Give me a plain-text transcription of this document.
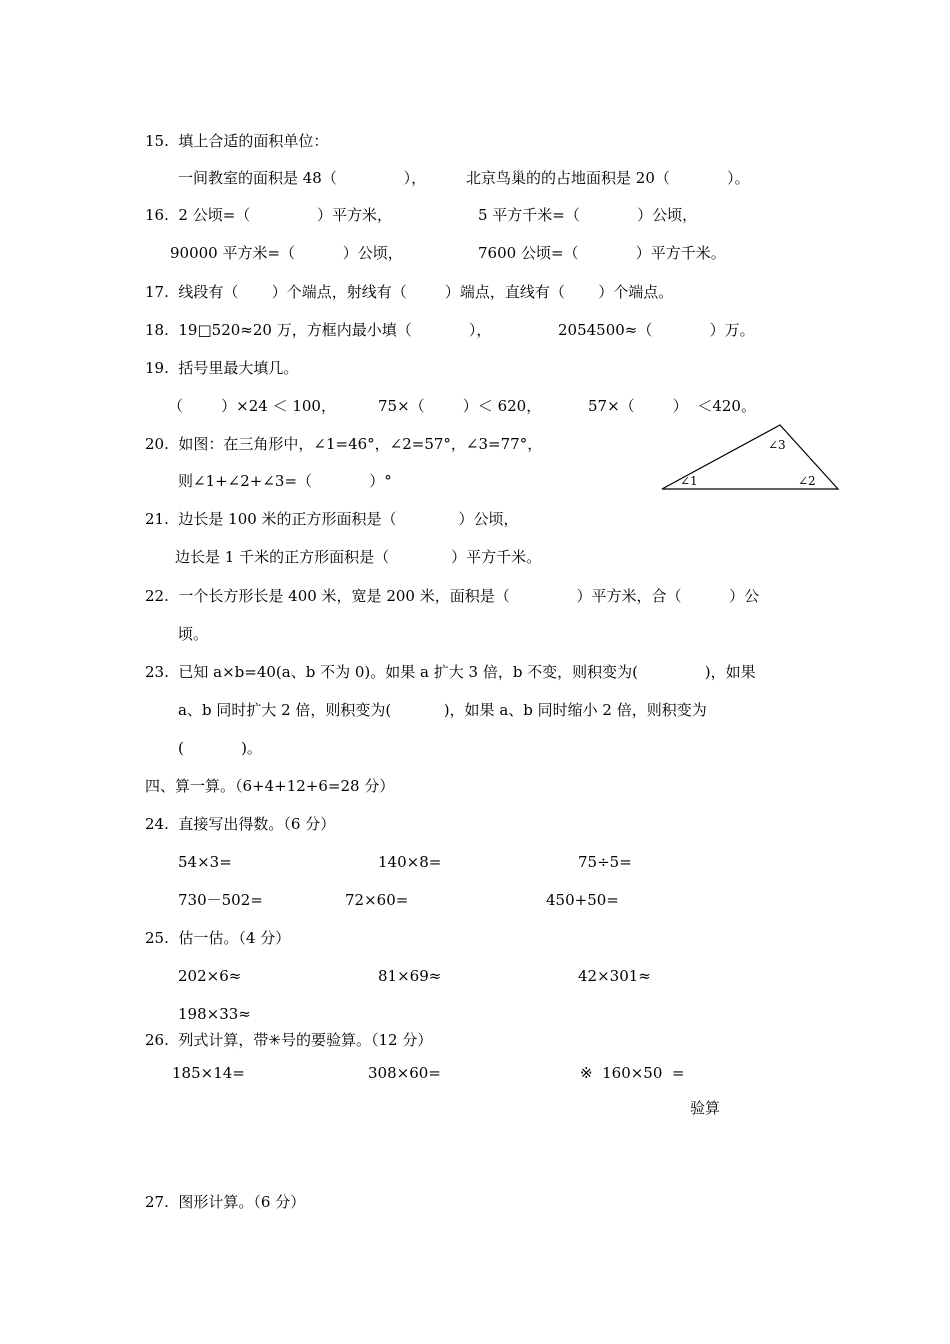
15.  填上合适的面积单位：
一间教室的面积是 48（              ），	北京鸟巢的的占地面积是 20（            ）。
16.  2 公顷=（              ）平方米，	5 平方千米=（            ）公顷，
90000 平方米=（          ）公顷，	7600 公顷=（            ）平方千米。
17.  线段有（       ）个端点，射线有（        ）端点，直线有（       ）个端点。
18.  19□520≈20 万，方框内最小填（            ），	2054500≈（            ）万。
19.  括号里最大填几。
（        ）×24 ＜ 100，	75×（        ）＜ 620，	57×（        ）  ＜420。
20.  如图：在三角形中，∠1=46°，∠2=57°，∠3=77°，
则∠1+∠2+∠3=（            ）°	∠1	∠2
∠3
21.  边长是 100 米的正方形面积是（             ）公顷，
边长是 1 千米的正方形面积是（             ）平方千米。
22.  一个长方形长是 400 米，宽是 200 米，面积是（              ）平方米，合（          ）公
顷。
23.  已知 a×b=40(a、b 不为 0)。如果 a 扩大 3 倍，b 不变，则积变为(              )，如果
a、b 同时扩大 2 倍，则积变为(           )，如果 a、b 同时缩小 2 倍，则积变为
(            )。
四、算一算。（6+4+12+6=28 分）
24.  直接写出得数。（6 分）
54×3=	140×8=	75÷5=
730－502=	72×60=	450+50=
25.  估一估。（4 分）
202×6≈	81×69≈	42×301≈
198×33≈
26.  列式计算，带✳号的要验算。（12 分）
185×14=	308×60=	※  160×50  =
验算
27.  图形计算。（6 分）
